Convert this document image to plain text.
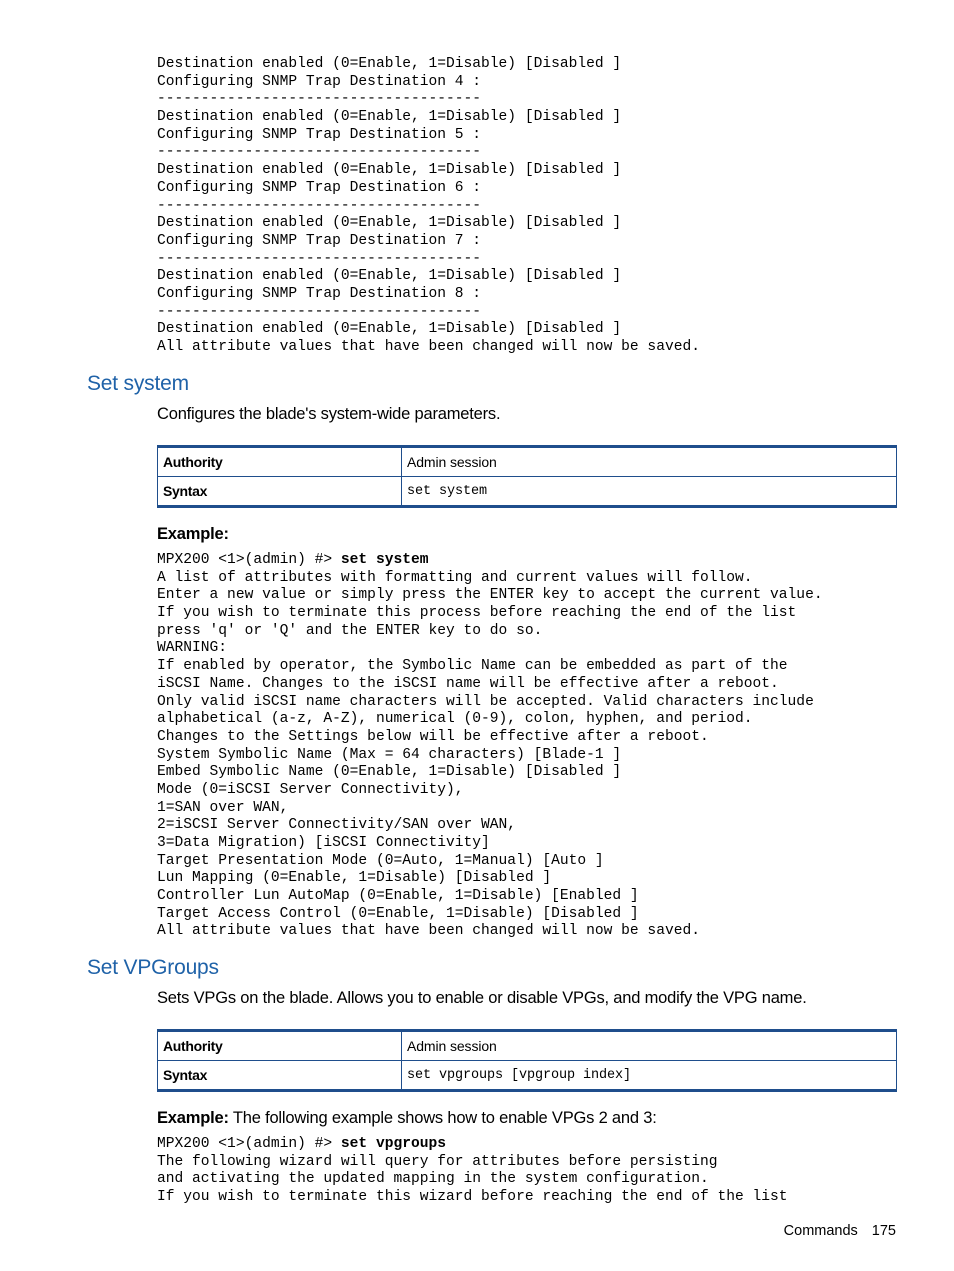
Destination enabled (0=Enable, 1=Disable) [Disabled ]
Configuring SNMP Trap Destination 4 :
-------------------------------------
Destination enabled (0=Enable, 1=Disable) [Disabled ]
Configuring SNMP Trap Destination 5 :
-------------------------------------
Destination enabled (0=Enable, 1=Disable) [Disabled ]
Configuring SNMP Trap Destination 6 :
-------------------------------------
Destination enabled (0=Enable, 1=Disable) [Disabled ]
Configuring SNMP Trap Destination 7 :
-------------------------------------
Destination enabled (0=Enable, 1=Disable) [Disabled ]
Configuring SNMP Trap Destination 8 :
-------------------------------------
Destination enabled (0=Enable, 1=Disable) [Disabled ]
All attribute values that have been changed will now be saved.
Set system

Configures the blade's system-wide parameters.

Authority	Admin session
Syntax	set system

Example:

MPX200 <1>(admin) #> set system
A list of attributes with formatting and current values will follow.
Enter a new value or simply press the ENTER key to accept the current value.
If you wish to terminate this process before reaching the end of the list
press 'q' or 'Q' and the ENTER key to do so.
WARNING:
If enabled by operator, the Symbolic Name can be embedded as part of the
iSCSI Name. Changes to the iSCSI name will be effective after a reboot.
Only valid iSCSI name characters will be accepted. Valid characters include
alphabetical (a-z, A-Z), numerical (0-9), colon, hyphen, and period.
Changes to the Settings below will be effective after a reboot.
System Symbolic Name (Max = 64 characters) [Blade-1 ]
Embed Symbolic Name (0=Enable, 1=Disable) [Disabled ]
Mode (0=iSCSI Server Connectivity),
1=SAN over WAN,
2=iSCSI Server Connectivity/SAN over WAN,
3=Data Migration) [iSCSI Connectivity]
Target Presentation Mode (0=Auto, 1=Manual) [Auto ]
Lun Mapping (0=Enable, 1=Disable) [Disabled ]
Controller Lun AutoMap (0=Enable, 1=Disable) [Enabled ]
Target Access Control (0=Enable, 1=Disable) [Disabled ]
All attribute values that have been changed will now be saved.
Set VPGroups

Sets VPGs on the blade. Allows you to enable or disable VPGs, and modify the VPG name.

Authority	Admin session
Syntax	set vpgroups [vpgroup index]

Example: The following example shows how to enable VPGs 2 and 3:

MPX200 <1>(admin) #> set vpgroups
The following wizard will query for attributes before persisting
and activating the updated mapping in the system configuration.
If you wish to terminate this wizard before reaching the end of the list
Commands 175
